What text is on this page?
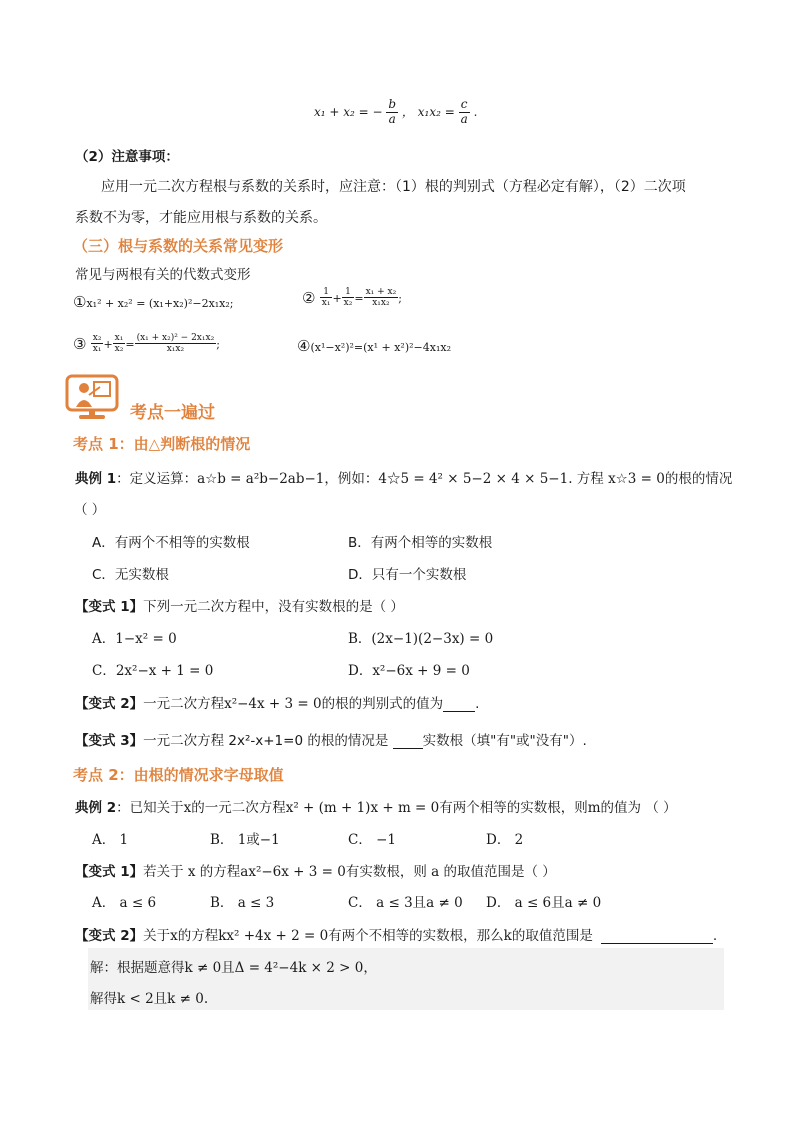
x₁ + x₂ = − $\frac{b}{a}$ ， $x_1x_2 = \frac{c}{a}$ .
（2）注意事项：
应用一元二次方程根与系数的关系时，应注意：（1）根的判别式（方程必定有解），（2）二次项
系数不为零，才能应用根与系数的关系。
（三）根与系数的关系常见变形
常见与两根有关的代数式变形
①x₁² + x₂² = (x₁+x₂)²−2x₁x₂;	② $\frac{1}{\text{x₁}} + \frac{1}{\text{x₂}} = \frac{\text{x₁ + x₂}}{\text{x₁x₂}}$ ;
③ $\frac{\text{x₂}}{\text{x₁}} + \frac{\text{x₁}}{\text{x₂}} = \frac{\text{(x₁ + x₂)² − 2x₁x₂}}{\text{x₁x₂}}$ ;	④(x¹−x²)²=(x¹ + x²)²−4x₁x₂
考点一遍过
考点 1：由△判断根的情况
典例 1：定义运算：a☆b = a²b−2ab−1，例如：4☆5 = 4² × 5−2 × 4 × 5−1. 方程 x☆3 = 0的根的情况
（ ）
A．有两个不相等的实数根	B．有两个相等的实数根
C．无实数根	D．只有一个实数根
【变式 1】下列一元二次方程中，没有实数根的是（ ）
A．1−x² = 0	B．(2x−1)(2−3x) = 0
C．2x²−x + 1 = 0	D．x²−6x + 9 = 0
【变式 2】一元二次方程x²−4x + 3 = 0的根的判别式的值为 .
【变式 3】一元二次方程 2x²-x+1=0 的根的情况是 实数根（填"有"或"没有"）.
考点 2：由根的情况求字母取值
典例 2：已知关于x的一元二次方程x² + (m + 1)x + m = 0有两个相等的实数根，则m的值为 （ ）
A． 1	B． 1或−1	C． −1	D． 2
【变式 1】若关于 x 的方程ax²−6x + 3 = 0有实数根，则 a 的取值范围是（ ）
A． a ≤ 6	B． a ≤ 3	C． a ≤ 3且a ≠ 0 D． a ≤ 6且a ≠ 0
【变式 2】关于x的方程kx² +4x + 2 = 0有两个不相等的实数根，那么k的取值范围是	.
解：根据题意得k ≠ 0且Δ = 4²−4k × 2 > 0，
解得k < 2且k ≠ 0.
